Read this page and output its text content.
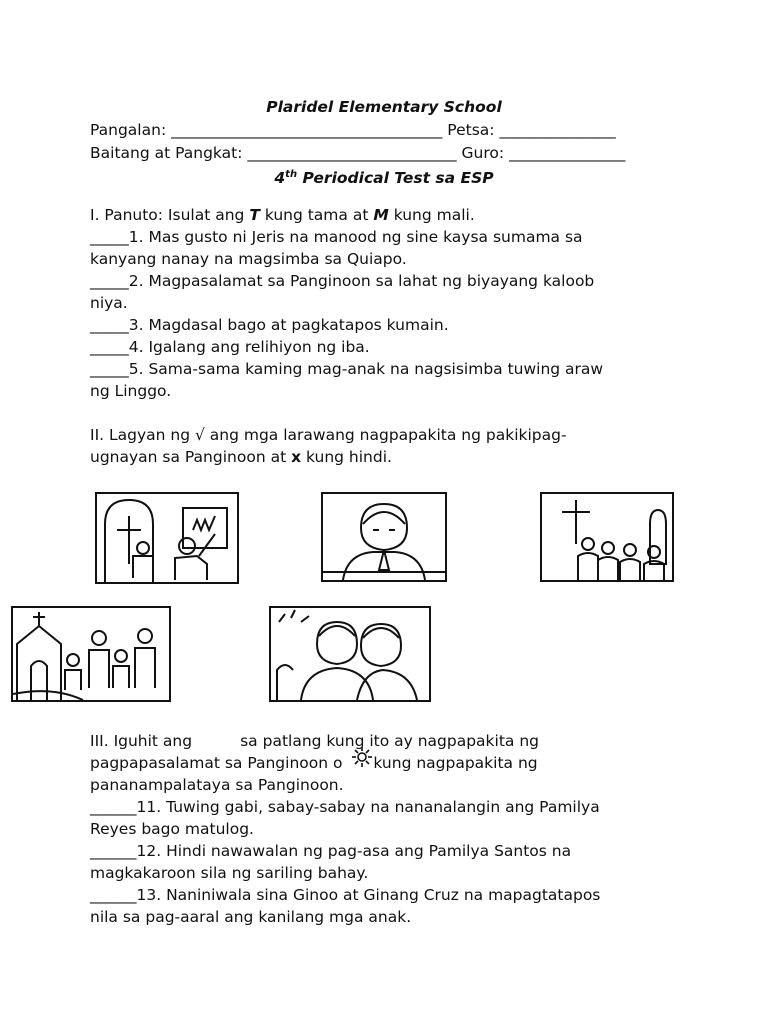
Plaridel Elementary School
Pangalan: ___________________________________ Petsa: _______________
Baitang at Pangkat: ___________________________ Guro: _______________
4th Periodical Test sa ESP
I. Panuto: Isulat ang T kung tama at M kung mali.
_____1. Mas gusto ni Jeris na manood ng sine kaysa sumama sa
kanyang nanay na magsimba sa Quiapo.
_____2. Magpasalamat sa Panginoon sa lahat ng biyayang kaloob
niya.
_____3. Magdasal bago at pagkatapos kumain.
_____4. Igalang ang relihiyon ng iba.
_____5. Sama-sama kaming mag-anak na nagsisimba tuwing araw
ng Linggo.
II. Lagyan ng √ ang mga larawang nagpapakita ng pakikipag-
ugnayan sa Panginoon at x kung hindi.
III. Iguhit ang	sa patlang kung ito ay nagpapakita ng
pagpapasalamat sa Panginoon o kung nagpapakita ng
pananampalataya sa Panginoon.
______11. Tuwing gabi, sabay-sabay na nananalangin ang Pamilya
Reyes bago matulog.
______12. Hindi nawawalan ng pag-asa ang Pamilya Santos na
magkakaroon sila ng sariling bahay.
______13. Naniniwala sina Ginoo at Ginang Cruz na mapagtatapos
nila sa pag-aaral ang kanilang mga anak.
